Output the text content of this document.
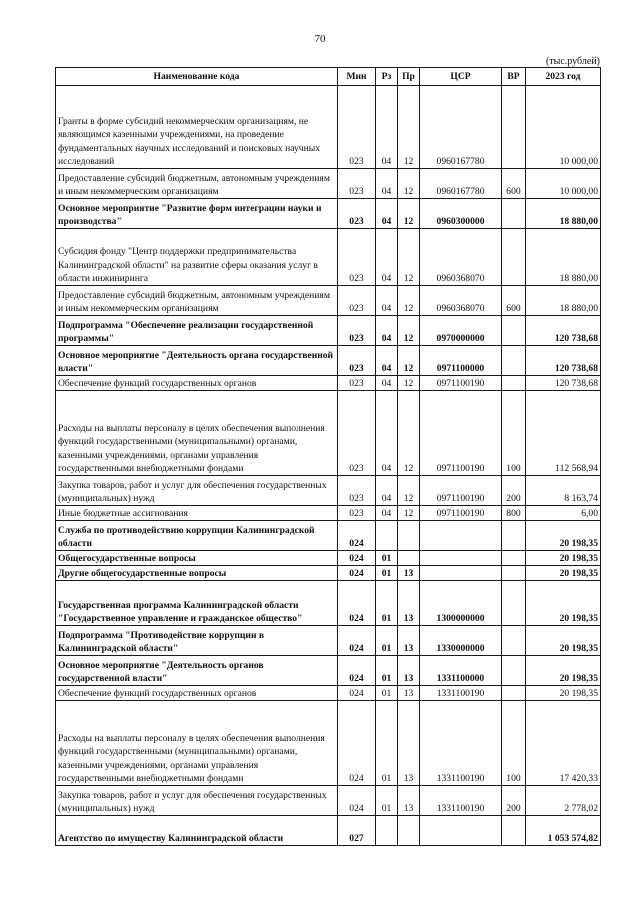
70
(тыс.рублей)
Наименование кода	Мин	Рз	Пр	ЦСР	ВР	2023 год
Гранты в форме субсидий некоммерческим организациям, не являющимся казенными учреждениями, на проведение фундаментальных научных исследований и поисковых научных исследований	023	04	12	0960167780		10 000,00
Предоставление субсидий бюджетным, автономным учреждениям и иным некоммерческим организациям	023	04	12	0960167780	600	10 000,00
Основное мероприятие "Развитие форм интеграции науки и производства"	023	04	12	0960300000		18 880,00
Субсидия фонду "Центр поддержки предпринимательства Калининградской области" на развитие сферы оказания услуг в области инжиниринга	023	04	12	0960368070		18 880,00
Предоставление субсидий бюджетным, автономным учреждениям и иным некоммерческим организациям	023	04	12	0960368070	600	18 880,00
Подпрограмма "Обеспечение реализации государственной программы"	023	04	12	0970000000		120 738,68
Основное мероприятие "Деятельность органа государственной власти"	023	04	12	0971100000		120 738,68
Обеспечение функций государственных органов	023	04	12	0971100190		120 738,68
Расходы на выплаты персоналу в целях обеспечения выполнения функций государственными (муниципальными) органами, казенными учреждениями, органами управления государственными внебюджетными фондами	023	04	12	0971100190	100	112 568,94
Закупка товаров, работ и услуг для обеспечения государственных (муниципальных) нужд	023	04	12	0971100190	200	8 163,74
Иные бюджетные ассигнования	023	04	12	0971100190	800	6,00
Служба по противодействию коррупции Калининградской области	024					20 198,35
Общегосударственные вопросы	024	01				20 198,35
Другие общегосударственные вопросы	024	01	13			20 198,35
Государственная программа Калининградской области "Государственное управление и гражданское общество"	024	01	13	1300000000		20 198,35
Подпрограмма "Противодействие коррупции в Калининградской области"	024	01	13	1330000000		20 198,35
Основное мероприятие "Деятельность органов государственной власти"	024	01	13	1331100000		20 198,35
Обеспечение функций государственных органов	024	01	13	1331100190		20 198,35
Расходы на выплаты персоналу в целях обеспечения выполнения функций государственными (муниципальными) органами, казенными учреждениями, органами управления государственными внебюджетными фондами	024	01	13	1331100190	100	17 420,33
Закупка товаров, работ и услуг для обеспечения государственных (муниципальных) нужд	024	01	13	1331100190	200	2 778,02
Агентство по имуществу Калининградской области	027					1 053 574,82
